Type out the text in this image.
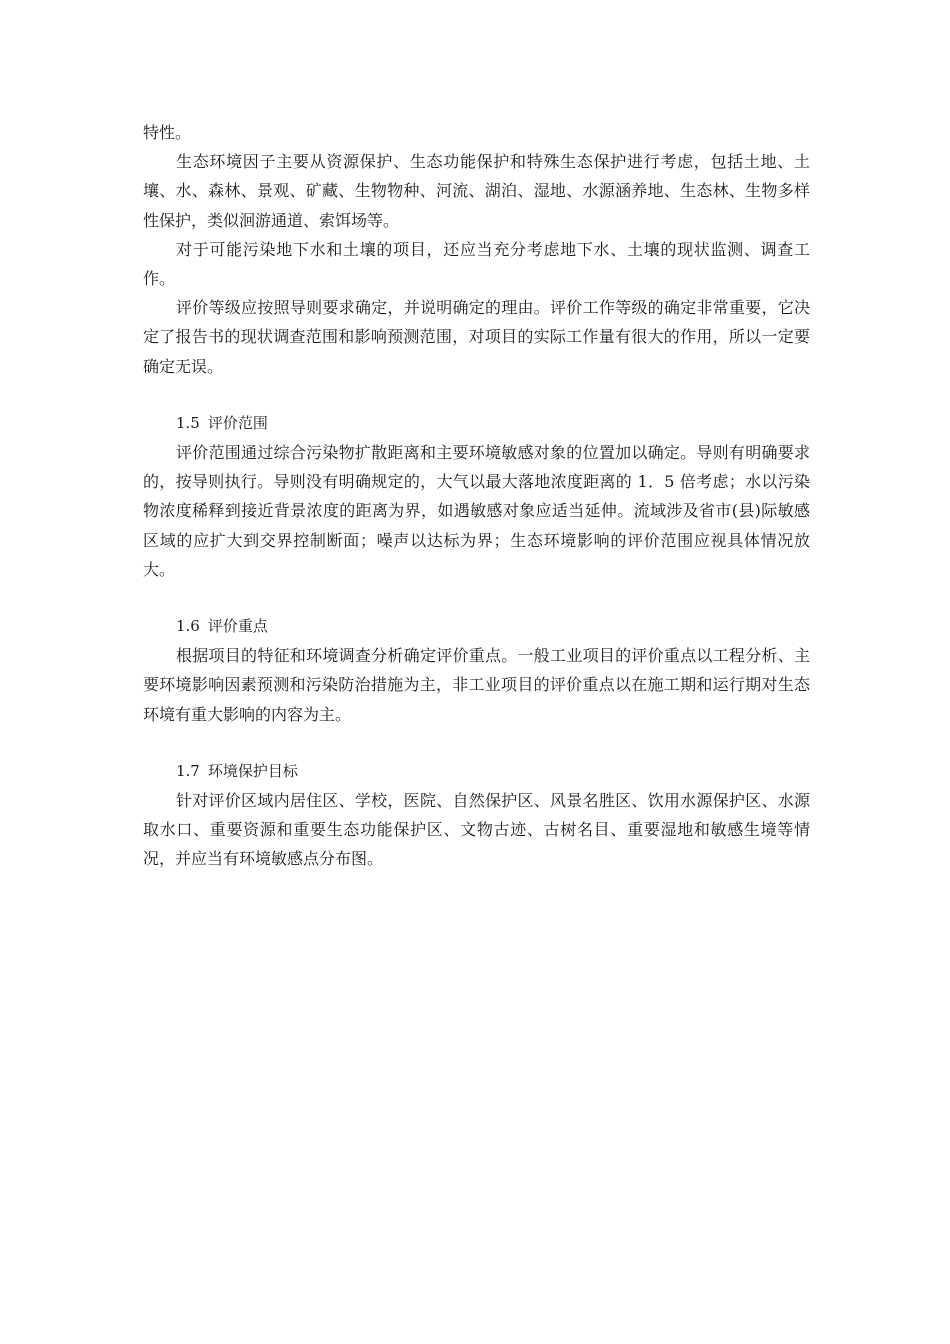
特性。

生态环境因子主要从资源保护、生态功能保护和特殊生态保护进行考虑，包括土地、土壤、水、森林、景观、矿藏、生物物种、河流、湖泊、湿地、水源涵养地、生态林、生物多样性保护，类似洄游通道、索饵场等。

对于可能污染地下水和土壤的项目，还应当充分考虑地下水、土壤的现状监测、调查工作。

评价等级应按照导则要求确定，并说明确定的理由。评价工作等级的确定非常重要，它决定了报告书的现状调查范围和影响预测范围，对项目的实际工作量有很大的作用，所以一定要确定无误。

1.5 评价范围

评价范围通过综合污染物扩散距离和主要环境敏感对象的位置加以确定。导则有明确要求的，按导则执行。导则没有明确规定的，大气以最大落地浓度距离的 1．5 倍考虑；水以污染物浓度稀释到接近背景浓度的距离为界，如遇敏感对象应适当延伸。流域涉及省市(县)际敏感区域的应扩大到交界控制断面；噪声以达标为界；生态环境影响的评价范围应视具体情况放大。

1.6 评价重点

根据项目的特征和环境调查分析确定评价重点。一般工业项目的评价重点以工程分析、主要环境影响因素预测和污染防治措施为主，非工业项目的评价重点以在施工期和运行期对生态环境有重大影响的内容为主。

1.7 环境保护目标

针对评价区域内居住区、学校，医院、自然保护区、风景名胜区、饮用水源保护区、水源取水口、重要资源和重要生态功能保护区、文物古迹、古树名目、重要湿地和敏感生境等情况，并应当有环境敏感点分布图。
